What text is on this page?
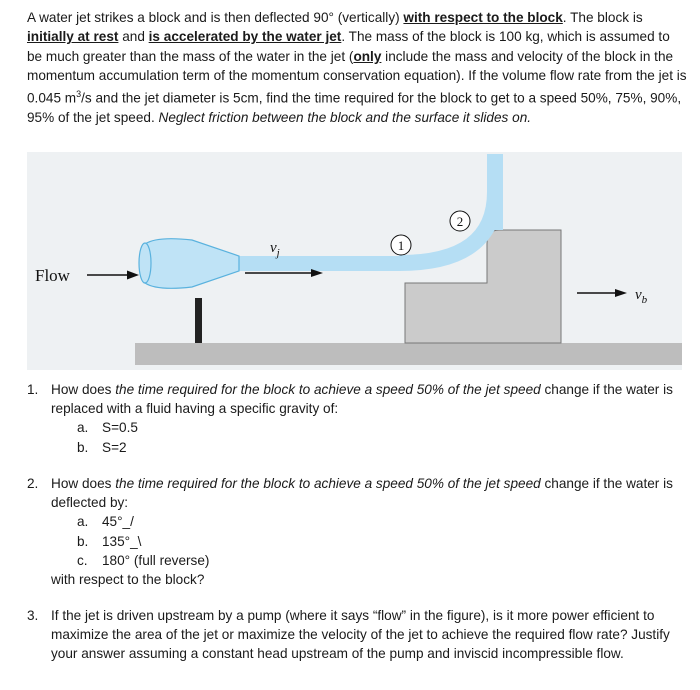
A water jet strikes a block and is then deflected 90° (vertically) with respect to the block. The block is initially at rest and is accelerated by the water jet. The mass of the block is 100 kg, which is assumed to be much greater than the mass of the water in the jet (only include the mass and velocity of the block in the momentum accumulation term of the momentum conservation equation). If the volume flow rate from the jet is 0.045 $m^3/s$ and the jet diameter is 5cm, find the time required for the block to get to a speed 50%, 75%, 90%, 95% of the jet speed. Neglect friction between the block and the surface it slides on.
Flow
$v_j$	1
2
$v_b$
1. How does the time required for the block to achieve a speed 50% of the jet speed change if the water is replaced with a fluid having a specific gravity of:
a. S=0.5
b. S=2
2. How does the time required for the block to achieve a speed 50% of the jet speed change if the water is deflected by:
a. 45°_/
b. 135°_\
c. 180° (full reverse)
with respect to the block?
3. If the jet is driven upstream by a pump (where it says “flow” in the figure), is it more power efficient to maximize the area of the jet or maximize the velocity of the jet to achieve the required flow rate? Justify your answer assuming a constant head upstream of the pump and inviscid incompressible flow.
